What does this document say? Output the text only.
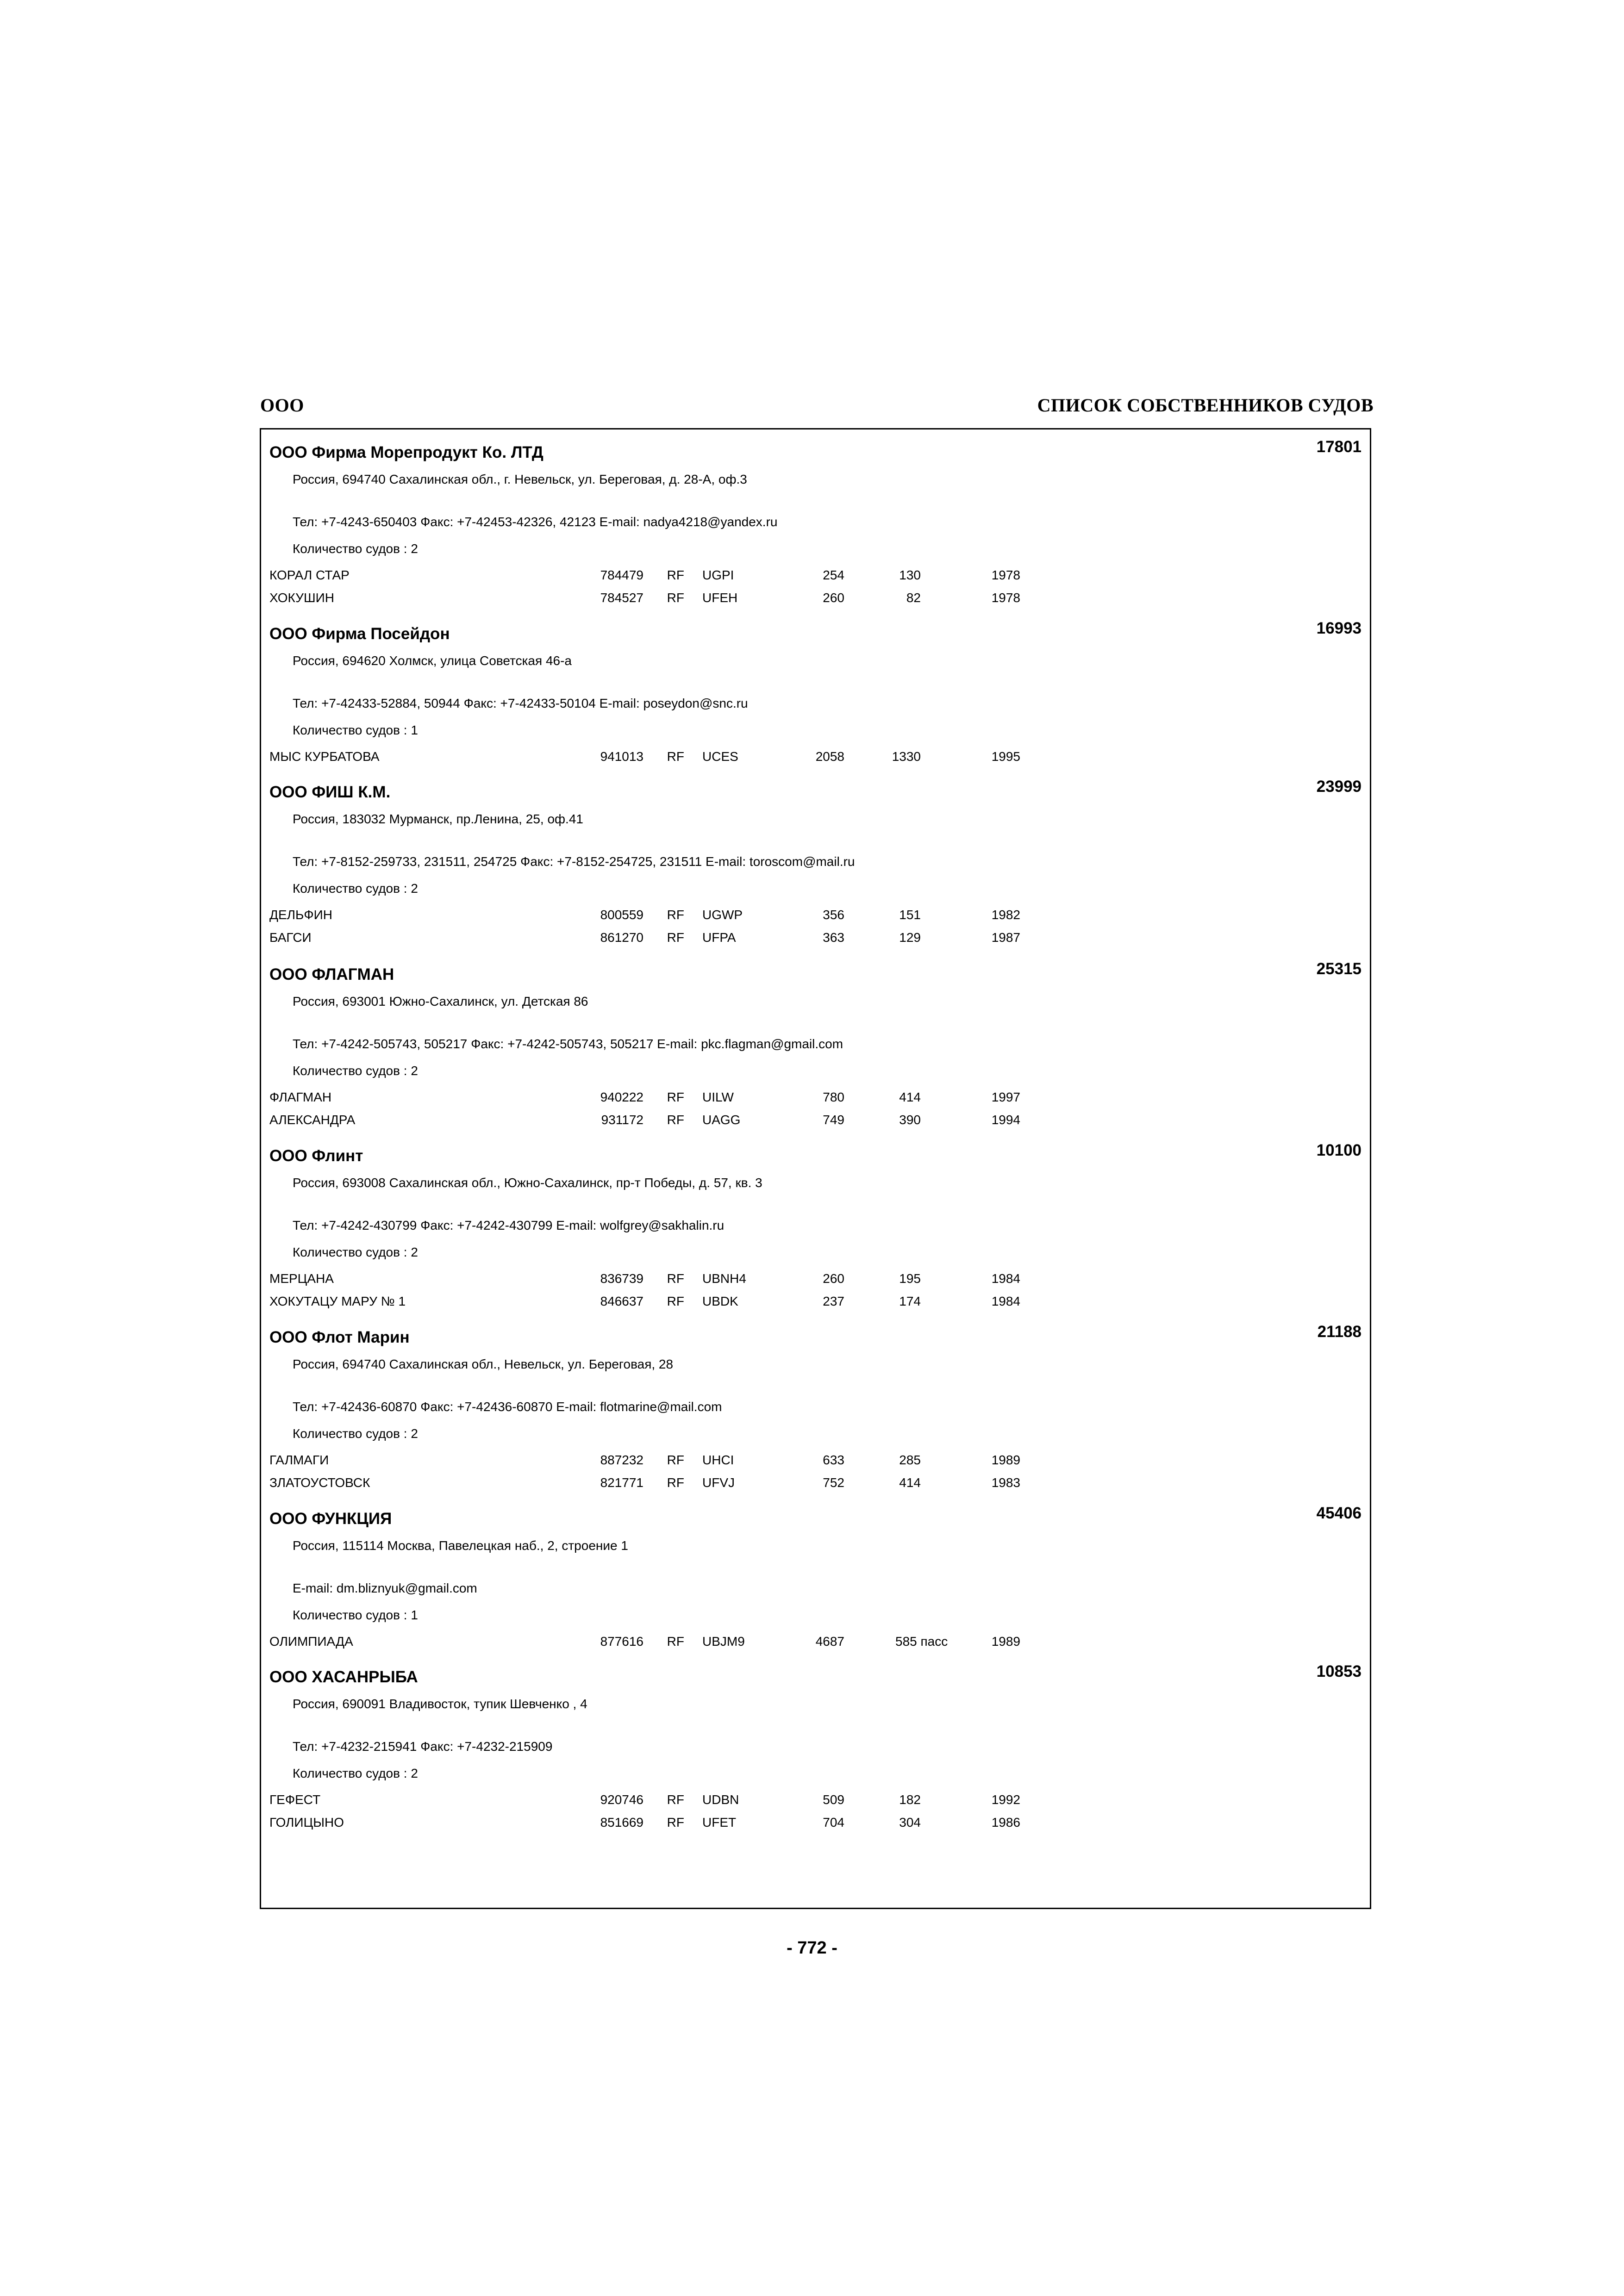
ООО	СПИСОК СОБСТВЕННИКОВ СУДОВ
ООО Фирма Морепродукт Ко. ЛТД	17801
Россия, 694740 Сахалинская обл., г. Невельск, ул. Береговая, д. 28-А, оф.3
Тел: +7-4243-650403 Факс: +7-42453-42326, 42123 E-mail: nadya4218@yandex.ru
Количество судов : 2
КОРАЛ СТАР	784479	RF UGPI	254	130	1978
ХОКУШИН	784527	RF UFEH	260	82	1978
ООО Фирма Посейдон	16993
Россия, 694620 Холмск, улица Советская 46-а
Тел: +7-42433-52884, 50944 Факс: +7-42433-50104 E-mail: poseydon@snc.ru
Количество судов : 1
МЫС КУРБАТОВА	941013	RF UCES	2058	1330	1995
ООО ФИШ К.М.	23999
Россия, 183032 Мурманск, пр.Ленина, 25, оф.41
Тел: +7-8152-259733, 231511, 254725 Факс: +7-8152-254725, 231511 E-mail: toroscom@mail.ru
Количество судов : 2
ДЕЛЬФИН	800559	RF UGWP	356	151	1982
БАГСИ	861270	RF UFPA	363	129	1987
ООО ФЛАГМАН	25315
Россия, 693001 Южно-Сахалинск, ул. Детская 86
Тел: +7-4242-505743, 505217 Факс: +7-4242-505743, 505217 E-mail: pkc.flagman@gmail.com
Количество судов : 2
ФЛАГМАН	940222	RF UILW	780	414	1997
АЛЕКСАНДРА	931172	RF UAGG	749	390	1994
ООО Флинт	10100
Россия, 693008 Сахалинская обл., Южно-Сахалинск, пр-т Победы, д. 57, кв. 3
Тел: +7-4242-430799 Факс: +7-4242-430799 E-mail: wolfgrey@sakhalin.ru
Количество судов : 2
МЕРЦАНА	836739	RF UBNH4	260	195	1984
ХОКУТАЦУ МАРУ № 1	846637	RF UBDK	237	174	1984
ООО Флот Марин	21188
Россия, 694740 Сахалинская обл., Невельск, ул. Береговая, 28
Тел: +7-42436-60870 Факс: +7-42436-60870 E-mail: flotmarine@mail.com
Количество судов : 2
ГАЛМАГИ	887232	RF UHCI	633	285	1989
ЗЛАТОУСТОВСК	821771	RF UFVJ	752	414	1983
ООО ФУНКЦИЯ	45406
Россия, 115114 Москва, Павелецкая наб., 2, строение 1
E-mail: dm.bliznyuk@gmail.com
Количество судов : 1
ОЛИМПИАДА	877616	RF UBJM9	4687	585 пасс	1989
ООО ХАСАНРЫБА	10853
Россия, 690091 Владивосток, тупик Шевченко , 4
Тел: +7-4232-215941 Факс: +7-4232-215909
Количество судов : 2
ГЕФЕСТ	920746	RF UDBN	509	182	1992
ГОЛИЦЫНО	851669	RF UFET	704	304	1986
- 772 -
